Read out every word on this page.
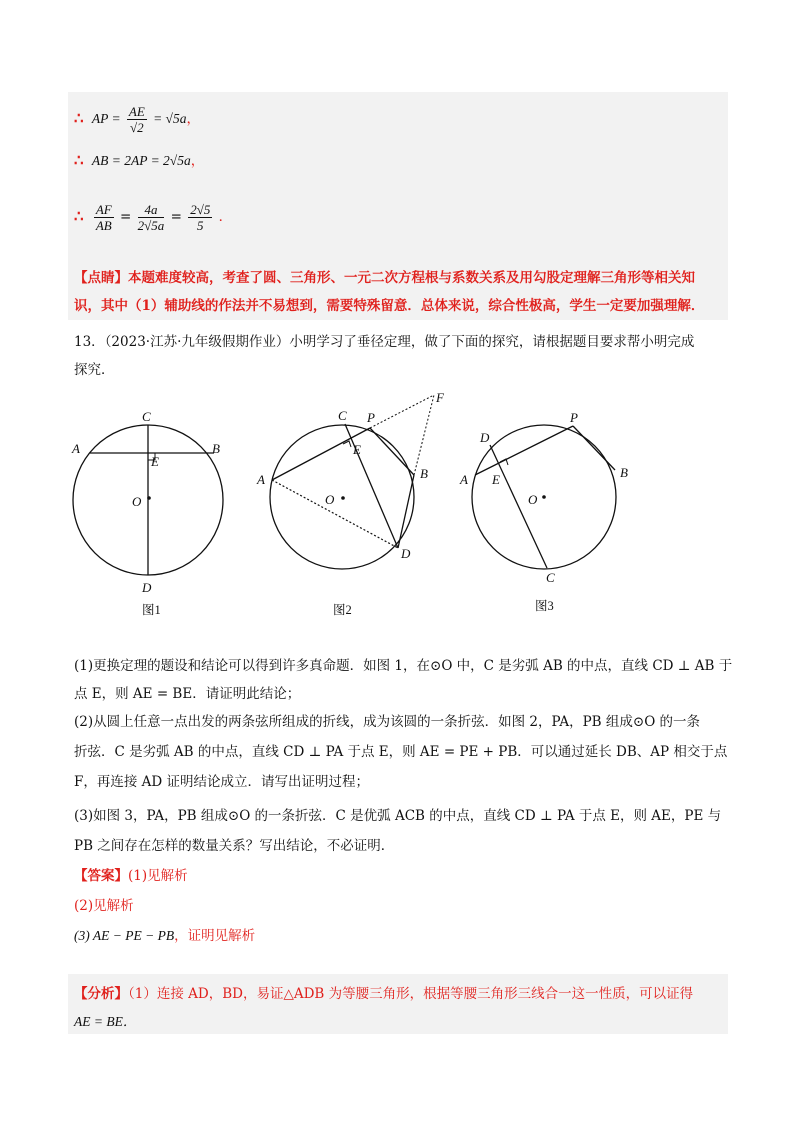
∴ AP = $\frac{AE}{√2} = √5a$，
∴ AB = 2AP = 2√5a，
∴ $\frac{AF}{AB} = \frac{4a}{2√5a} = \frac{2√5}{5}$ ．
【点睛】本题难度较高，考查了圆、三角形、一元二次方程根与系数关系及用勾股定理解三角形等相关知
识，其中（1）辅助线的作法并不易想到，需要特殊留意．总体来说，综合性极高，学生一定要加强理解．
13．（2023·江苏·九年级假期作业）小明学习了垂径定理，做了下面的探究，请根据题目要求帮小明完成
探究．
C
A	B
E
O
D
图1
C P
F
E
A	B
O
D
图2
D
P
A E
O
B
C
图3
(1)更换定理的题设和结论可以得到许多真命题．如图 1，在⊙O 中，C 是劣弧 AB 的中点，直线 CD ⊥ AB 于
点 E，则 AE = BE．请证明此结论；
(2)从圆上任意一点出发的两条弦所组成的折线，成为该圆的一条折弦．如图 2，PA，PB 组成⊙O 的一条
折弦．C 是劣弧 AB 的中点，直线 CD ⊥ PA 于点 E，则 AE = PE + PB．可以通过延长 DB、AP 相交于点
F，再连接 AD 证明结论成立．请写出证明过程；
(3)如图 3，PA，PB 组成⊙O 的一条折弦．C 是优弧 ACB 的中点，直线 CD ⊥ PA 于点 E，则 AE，PE 与
PB 之间存在怎样的数量关系？写出结论，不必证明．
【答案】(1)见解析
(2)见解析
(3) AE − PE − PB，证明见解析
【分析】（1）连接 AD，BD，易证△ADB 为等腰三角形，根据等腰三角形三线合一这一性质，可以证得
AE = BE．
